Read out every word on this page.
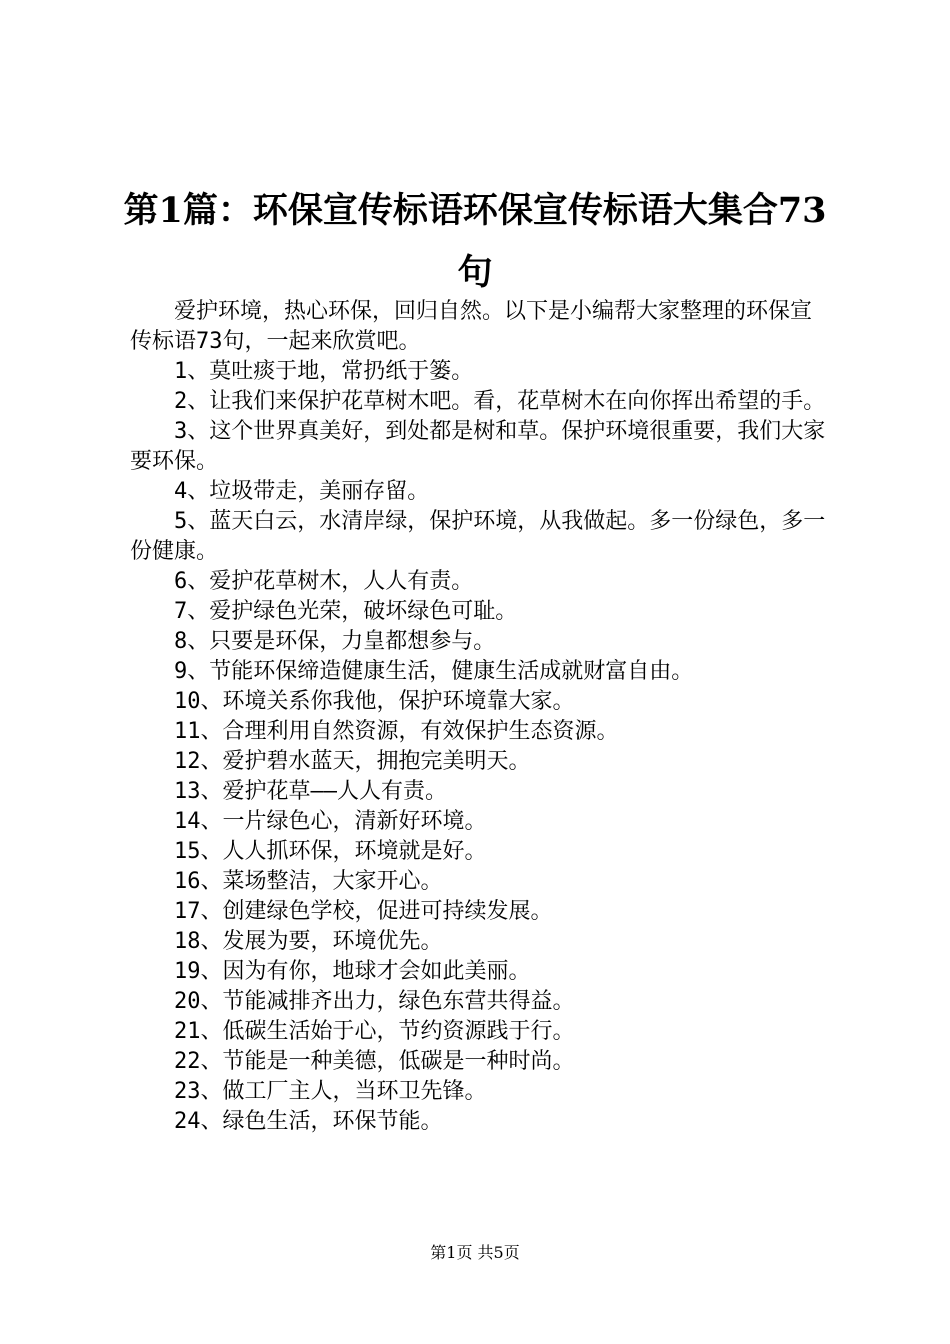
第1篇：环保宣传标语环保宣传标语大集合73句

爱护环境，热心环保，回归自然。以下是小编帮大家整理的环保宣传标语73句，一起来欣赏吧。

1、莫吐痰于地，常扔纸于篓。

2、让我们来保护花草树木吧。看，花草树木在向你挥出希望的手。

3、这个世界真美好，到处都是树和草。保护环境很重要，我们大家要环保。

4、垃圾带走，美丽存留。

5、蓝天白云，水清岸绿，保护环境，从我做起。多一份绿色，多一份健康。

6、爱护花草树木，人人有责。

7、爱护绿色光荣，破坏绿色可耻。

8、只要是环保，力皇都想参与。

9、节能环保缔造健康生活，健康生活成就财富自由。

10、环境关系你我他，保护环境靠大家。

11、合理利用自然资源，有效保护生态资源。

12、爱护碧水蓝天，拥抱完美明天。

13、爱护花草——人人有责。

14、一片绿色心，清新好环境。

15、人人抓环保，环境就是好。

16、菜场整洁，大家开心。

17、创建绿色学校，促进可持续发展。

18、发展为要，环境优先。

19、因为有你，地球才会如此美丽。

20、节能减排齐出力，绿色东营共得益。

21、低碳生活始于心，节约资源践于行。

22、节能是一种美德，低碳是一种时尚。

23、做工厂主人，当环卫先锋。

24、绿色生活，环保节能。

第1页 共5页
